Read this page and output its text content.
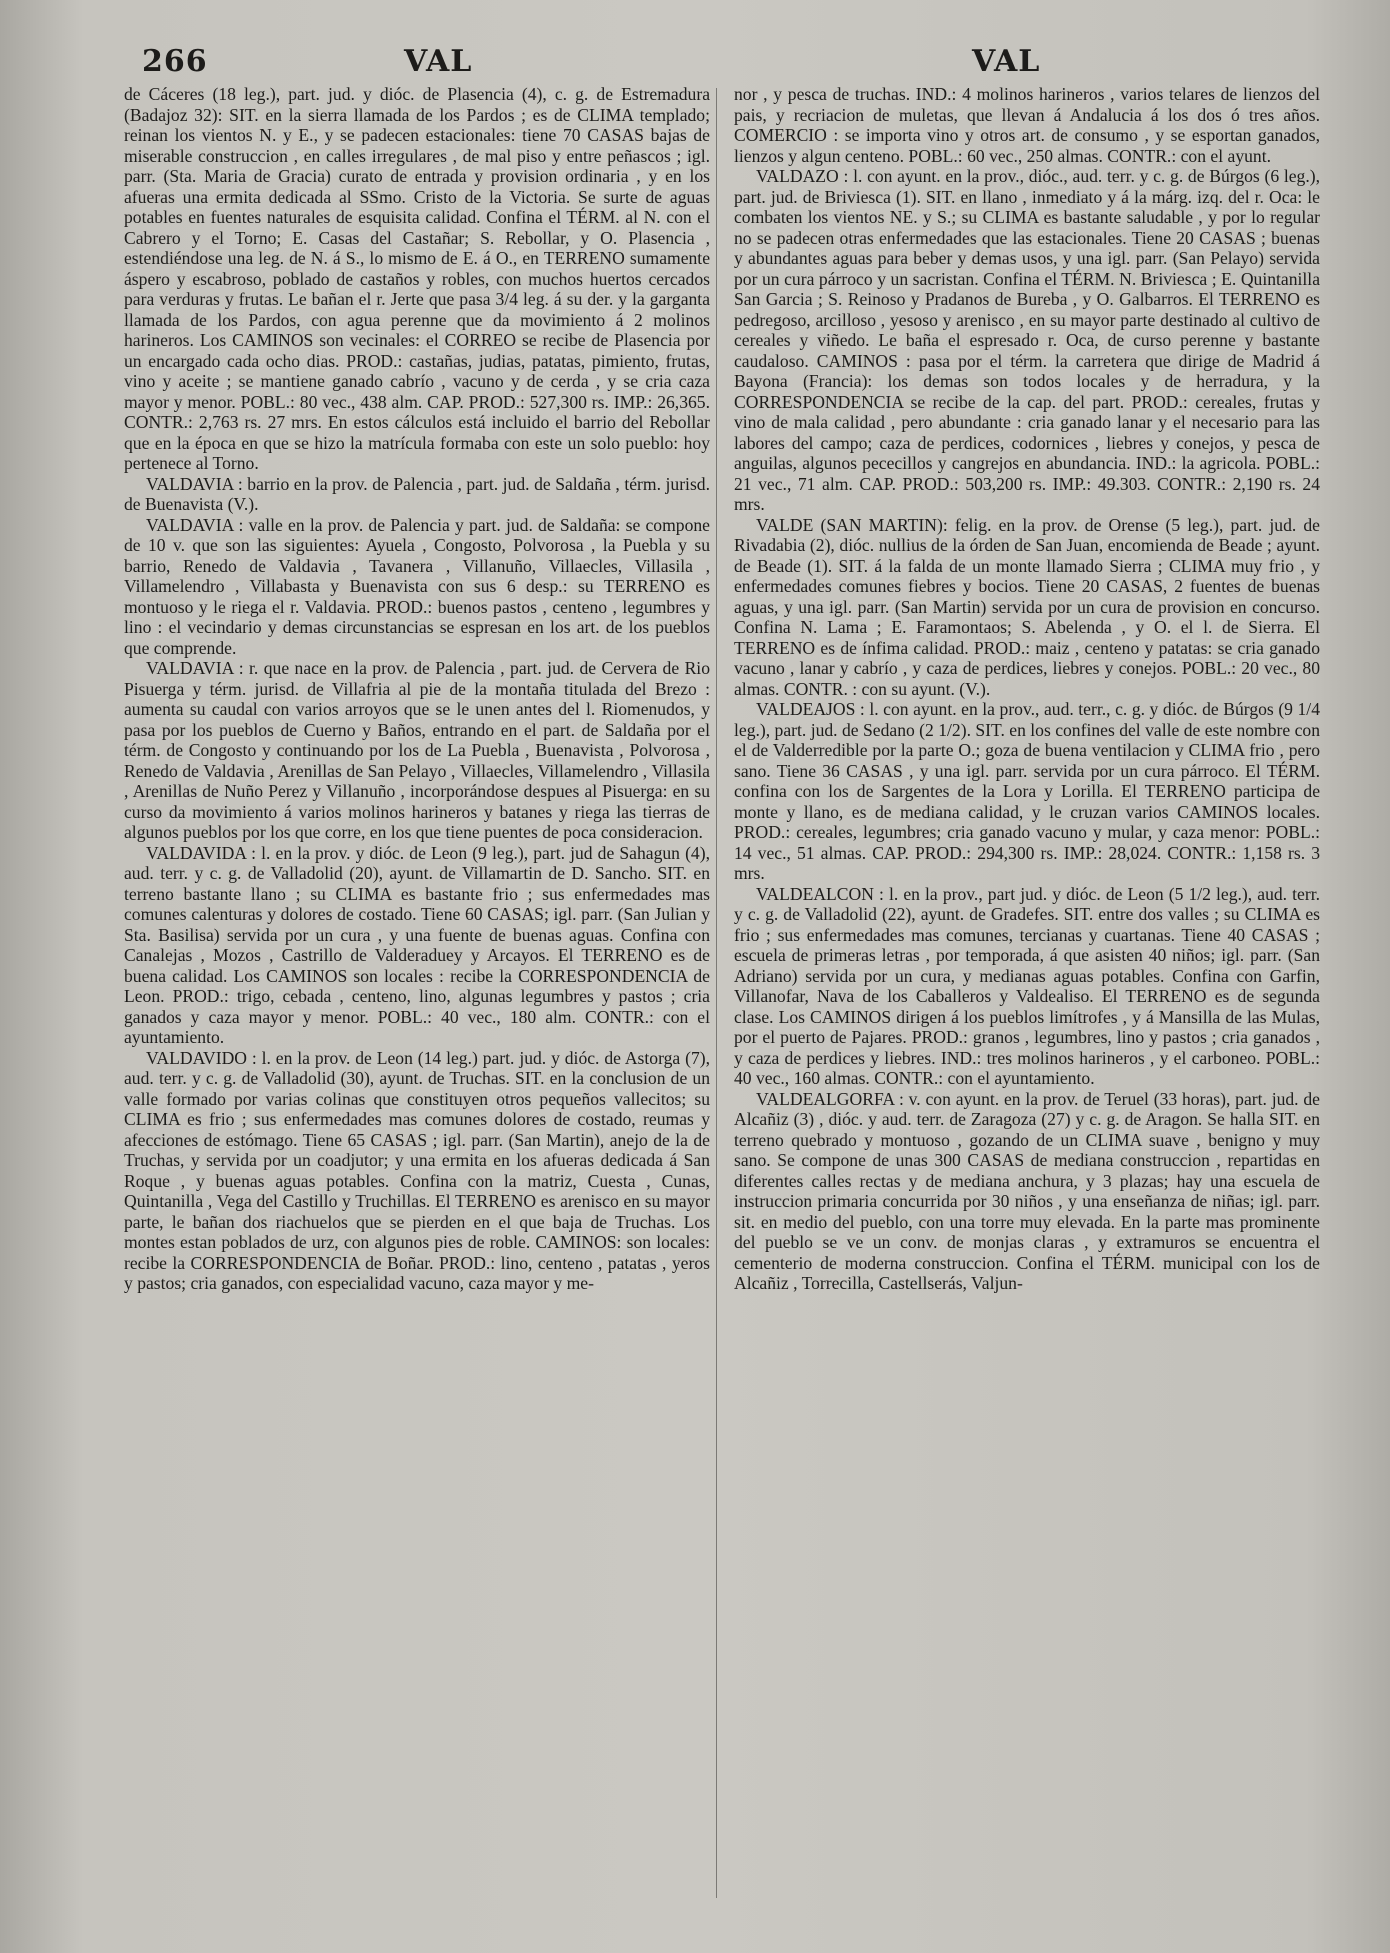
266	VAL	VAL

de Cáceres (18 leg.), part. jud. y dióc. de Plasencia (4), c. g. de Estremadura (Badajoz 32): SIT. en la sierra llamada de los Pardos ; es de CLIMA templado; reinan los vientos N. y E., y se padecen estacionales: tiene 70 CASAS bajas de miserable construccion , en calles irregulares , de mal piso y entre peñascos ; igl. parr. (Sta. Maria de Gracia) curato de entrada y provision ordinaria , y en los afueras una ermita dedicada al SSmo. Cristo de la Victoria. Se surte de aguas potables en fuentes naturales de esquisita calidad. Confina el TÉRM. al N. con el Cabrero y el Torno; E. Casas del Castañar; S. Rebollar, y O. Plasencia , estendiéndose una leg. de N. á S., lo mismo de E. á O., en TERRENO sumamente áspero y escabroso, poblado de castaños y robles, con muchos huertos cercados para verduras y frutas. Le bañan el r. Jerte que pasa 3/4 leg. á su der. y la garganta llamada de los Pardos, con agua perenne que da movimiento á 2 molinos harineros. Los CAMINOS son vecinales: el CORREO se recibe de Plasencia por un encargado cada ocho dias. PROD.: castañas, judias, patatas, pimiento, frutas, vino y aceite ; se mantiene ganado cabrío , vacuno y de cerda , y se cria caza mayor y menor. POBL.: 80 vec., 438 alm. CAP. PROD.: 527,300 rs. IMP.: 26,365. CONTR.: 2,763 rs. 27 mrs. En estos cálculos está incluido el barrio del Rebollar que en la época en que se hizo la matrícula formaba con este un solo pueblo: hoy pertenece al Torno.

VALDAVIA : barrio en la prov. de Palencia , part. jud. de Saldaña , térm. jurisd. de Buenavista (V.).

VALDAVIA : valle en la prov. de Palencia y part. jud. de Saldaña: se compone de 10 v. que son las siguientes: Ayuela , Congosto, Polvorosa , la Puebla y su barrio, Renedo de Valdavia , Tavanera , Villanuño, Villaecles, Villasila , Villamelendro , Villabasta y Buenavista con sus 6 desp.: su TERRENO es montuoso y le riega el r. Valdavia. PROD.: buenos pastos , centeno , legumbres y lino : el vecindario y demas circunstancias se espresan en los art. de los pueblos que comprende.

VALDAVIA : r. que nace en la prov. de Palencia , part. jud. de Cervera de Rio Pisuerga y térm. jurisd. de Villafria al pie de la montaña titulada del Brezo : aumenta su caudal con varios arroyos que se le unen antes del l. Riomenudos, y pasa por los pueblos de Cuerno y Baños, entrando en el part. de Saldaña por el térm. de Congosto y continuando por los de La Puebla , Buenavista , Polvorosa , Renedo de Valdavia , Arenillas de San Pelayo , Villaecles, Villamelendro , Villasila , Arenillas de Nuño Perez y Villanuño , incorporándose despues al Pisuerga: en su curso da movimiento á varios molinos harineros y batanes y riega las tierras de algunos pueblos por los que corre, en los que tiene puentes de poca consideracion.

VALDAVIDA : l. en la prov. y dióc. de Leon (9 leg.), part. jud de Sahagun (4), aud. terr. y c. g. de Valladolid (20), ayunt. de Villamartin de D. Sancho. SIT. en terreno bastante llano ; su CLIMA es bastante frio ; sus enfermedades mas comunes calenturas y dolores de costado. Tiene 60 CASAS; igl. parr. (San Julian y Sta. Basilisa) servida por un cura , y una fuente de buenas aguas. Confina con Canalejas , Mozos , Castrillo de Valderaduey y Arcayos. El TERRENO es de buena calidad. Los CAMINOS son locales : recibe la CORRESPONDENCIA de Leon. PROD.: trigo, cebada , centeno, lino, algunas legumbres y pastos ; cria ganados y caza mayor y menor. POBL.: 40 vec., 180 alm. CONTR.: con el ayuntamiento.

VALDAVIDO : l. en la prov. de Leon (14 leg.) part. jud. y dióc. de Astorga (7), aud. terr. y c. g. de Valladolid (30), ayunt. de Truchas. SIT. en la conclusion de un valle formado por varias colinas que constituyen otros pequeños vallecitos; su CLIMA es frio ; sus enfermedades mas comunes dolores de costado, reumas y afecciones de estómago. Tiene 65 CASAS ; igl. parr. (San Martin), anejo de la de Truchas, y servida por un coadjutor; y una ermita en los afueras dedicada á San Roque , y buenas aguas potables. Confina con la matriz, Cuesta , Cunas, Quintanilla , Vega del Castillo y Truchillas. El TERRENO es arenisco en su mayor parte, le bañan dos riachuelos que se pierden en el que baja de Truchas. Los montes estan poblados de urz, con algunos pies de roble. CAMINOS: son locales: recibe la CORRESPONDENCIA de Boñar. PROD.: lino, centeno , patatas , yeros y pastos; cria ganados, con especialidad vacuno, caza mayor y me-

nor , y pesca de truchas. IND.: 4 molinos harineros , varios telares de lienzos del pais, y recriacion de muletas, que llevan á Andalucia á los dos ó tres años. COMERCIO : se importa vino y otros art. de consumo , y se esportan ganados, lienzos y algun centeno. POBL.: 60 vec., 250 almas. CONTR.: con el ayunt.

VALDAZO : l. con ayunt. en la prov., dióc., aud. terr. y c. g. de Búrgos (6 leg.), part. jud. de Briviesca (1). SIT. en llano , inmediato y á la márg. izq. del r. Oca: le combaten los vientos NE. y S.; su CLIMA es bastante saludable , y por lo regular no se padecen otras enfermedades que las estacionales. Tiene 20 CASAS ; buenas y abundantes aguas para beber y demas usos, y una igl. parr. (San Pelayo) servida por un cura párroco y un sacristan. Confina el TÉRM. N. Briviesca ; E. Quintanilla San Garcia ; S. Reinoso y Pradanos de Bureba , y O. Galbarros. El TERRENO es pedregoso, arcilloso , yesoso y arenisco , en su mayor parte destinado al cultivo de cereales y viñedo. Le baña el espresado r. Oca, de curso perenne y bastante caudaloso. CAMINOS : pasa por el térm. la carretera que dirige de Madrid á Bayona (Francia): los demas son todos locales y de herradura, y la CORRESPONDENCIA se recibe de la cap. del part. PROD.: cereales, frutas y vino de mala calidad , pero abundante : cria ganado lanar y el necesario para las labores del campo; caza de perdices, codornices , liebres y conejos, y pesca de anguilas, algunos pececillos y cangrejos en abundancia. IND.: la agricola. POBL.: 21 vec., 71 alm. CAP. PROD.: 503,200 rs. IMP.: 49.303. CONTR.: 2,190 rs. 24 mrs.

VALDE (SAN MARTIN): felig. en la prov. de Orense (5 leg.), part. jud. de Rivadabia (2), dióc. nullius de la órden de San Juan, encomienda de Beade ; ayunt. de Beade (1). SIT. á la falda de un monte llamado Sierra ; CLIMA muy frio , y enfermedades comunes fiebres y bocios. Tiene 20 CASAS, 2 fuentes de buenas aguas, y una igl. parr. (San Martin) servida por un cura de provision en concurso. Confina N. Lama ; E. Faramontaos; S. Abelenda , y O. el l. de Sierra. El TERRENO es de ínfima calidad. PROD.: maiz , centeno y patatas: se cria ganado vacuno , lanar y cabrío , y caza de perdices, liebres y conejos. POBL.: 20 vec., 80 almas. CONTR. : con su ayunt. (V.).

VALDEAJOS : l. con ayunt. en la prov., aud. terr., c. g. y dióc. de Búrgos (9 1/4 leg.), part. jud. de Sedano (2 1/2). SIT. en los confines del valle de este nombre con el de Valderredible por la parte O.; goza de buena ventilacion y CLIMA frio , pero sano. Tiene 36 CASAS , y una igl. parr. servida por un cura párroco. El TÉRM. confina con los de Sargentes de la Lora y Lorilla. El TERRENO participa de monte y llano, es de mediana calidad, y le cruzan varios CAMINOS locales. PROD.: cereales, legumbres; cria ganado vacuno y mular, y caza menor: POBL.: 14 vec., 51 almas. CAP. PROD.: 294,300 rs. IMP.: 28,024. CONTR.: 1,158 rs. 3 mrs.

VALDEALCON : l. en la prov., part jud. y dióc. de Leon (5 1/2 leg.), aud. terr. y c. g. de Valladolid (22), ayunt. de Gradefes. SIT. entre dos valles ; su CLIMA es frio ; sus enfermedades mas comunes, tercianas y cuartanas. Tiene 40 CASAS ; escuela de primeras letras , por temporada, á que asisten 40 niños; igl. parr. (San Adriano) servida por un cura, y medianas aguas potables. Confina con Garfin, Villanofar, Nava de los Caballeros y Valdealiso. El TERRENO es de segunda clase. Los CAMINOS dirigen á los pueblos limítrofes , y á Mansilla de las Mulas, por el puerto de Pajares. PROD.: granos , legumbres, lino y pastos ; cria ganados , y caza de perdices y liebres. IND.: tres molinos harineros , y el carboneo. POBL.: 40 vec., 160 almas. CONTR.: con el ayuntamiento.

VALDEALGORFA : v. con ayunt. en la prov. de Teruel (33 horas), part. jud. de Alcañiz (3) , dióc. y aud. terr. de Zaragoza (27) y c. g. de Aragon. Se halla SIT. en terreno quebrado y montuoso , gozando de un CLIMA suave , benigno y muy sano. Se compone de unas 300 CASAS de mediana construccion , repartidas en diferentes calles rectas y de mediana anchura, y 3 plazas; hay una escuela de instruccion primaria concurrida por 30 niños , y una enseñanza de niñas; igl. parr. sit. en medio del pueblo, con una torre muy elevada. En la parte mas prominente del pueblo se ve un conv. de monjas claras , y extramuros se encuentra el cementerio de moderna construccion. Confina el TÉRM. municipal con los de Alcañiz , Torrecilla, Castellserás, Valjun-
